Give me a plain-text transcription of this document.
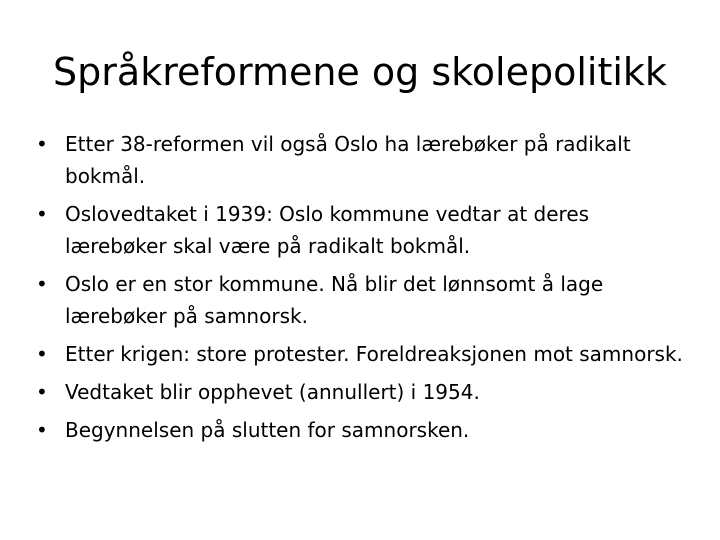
Språkreformene og skolepolitikk
• Etter 38-reformen vil også Oslo ha lærebøker på radikalt bokmål.
• Oslovedtaket i 1939: Oslo kommune vedtar at deres lærebøker skal være på radikalt bokmål.
• Oslo er en stor kommune. Nå blir det lønnsomt å lage lærebøker på samnorsk.
• Etter krigen: store protester. Foreldreaksjonen mot samnorsk.
• Vedtaket blir opphevet (annullert) i 1954.
• Begynnelsen på slutten for samnorsken.
